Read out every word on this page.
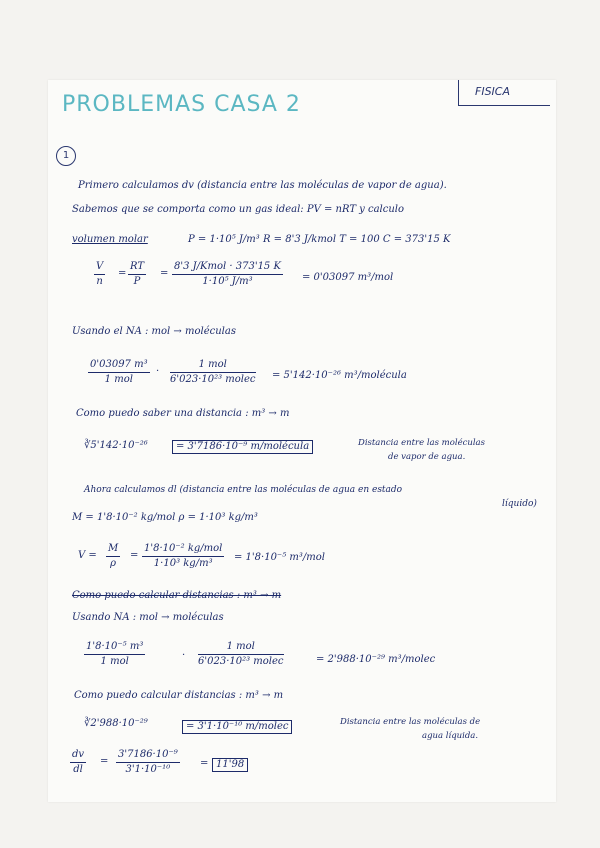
FISICA
PROBLEMAS CASA 2
1
Primero calculamos dv (distancia entre las moléculas de vapor de agua).
Sabemos que se comporta como un gas ideal: PV = nRT y calculo
volumen molar	P = 1·10⁵ J/m³ R = 8'3 J/kmol T = 100 C = 373'15 K
$\frac{V}{n} = \frac{RT}{P}$ =
8'3 J/Kmol · 373'15 K
1·10⁵ J/m³	= 0'03097 m³/mol
Usando el NA : mol → moléculas
0'03097 m³
1 mol
·
1 mol
6'023·10²³ molec = 5'142·10⁻²⁶ m³/molécula
Como puedo saber una distancia : m³ → m
∛5'142·10⁻²⁶	= 3'7186·10⁻⁹ m/molécula	Distancia entre las moléculas
de vapor de agua.
Ahora calculamos dl (distancia entre las moléculas de agua en estado
líquido)
M = 1'8·10⁻² kg/mol ρ = 1·10³ kg/m³
$V = \frac{M}{\rho}$ =
1'8·10⁻² kg/mol
1·10³ kg/m³
= 1'8·10⁻⁵ m³/mol
Como puedo calcular distancias : m³ → m
Usando NA : mol → moléculas
1'8·10⁻⁵ m³
1 mol
·
1 mol
6'023·10²³ molec	= 2'988·10⁻²⁹ m³/molec
Como puedo calcular distancias : m³ → m
∛2'988·10⁻²⁹	= 3'1·10⁻¹⁰ m/molec	Distancia entre las moléculas de
agua líquida.
$\frac{dv}{dl} = \frac{\text{3'7186·10⁻⁹}}{\text{3'1·10⁻¹⁰}} = 11'98$
